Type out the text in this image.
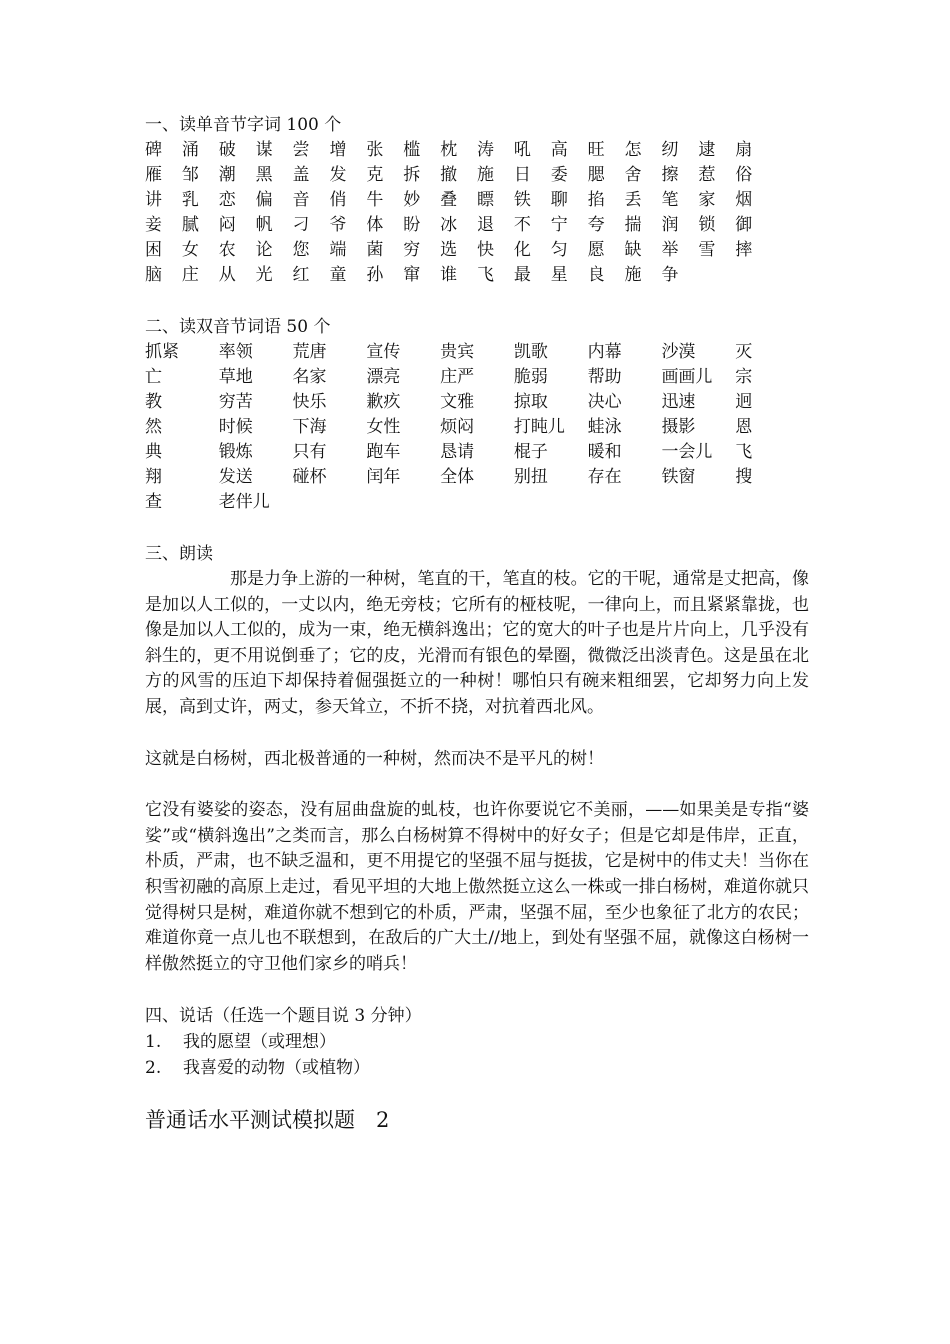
一、读单音节字词 100 个
碑	涌	破	谋	尝	增	张	槛	枕	涛	吼	高	旺	怎	纫	逮	扇
雁	邹	潮	黑	盖	发	克	拆	撤	施	日	委	腮	舍	擦	惹	俗
讲	乳	恋	偏	音	俏	牛	妙	叠	瞟	铁	聊	掐	丢	笔	家	烟
妾	腻	闷	帆	刁	爷	体	盼	冰	退	不	宁	夸	揣	润	锁	御
困	女	农	论	您	端	菌	穷	选	快	化	匀	愿	缺	举	雪	摔
脑	庄	从	光	红	童	孙	窜	谁	飞	最	星	良	施	争
二、读双音节词语 50 个
抓紧	率领	荒唐	宣传	贵宾	凯歌	内幕	沙漠	灭
亡	草地	名家	漂亮	庄严	脆弱	帮助	画画儿	宗
教	穷苦	快乐	歉疚	文雅	掠取	决心	迅速	迥
然	时候	下海	女性	烦闷	打盹儿	蛙泳	摄影	恩
典	锻炼	只有	跑车	恳请	棍子	暖和	一会儿	飞
翔	发送	碰杯	闰年	全体	别扭	存在	铁窗	搜
查	老伴儿
三、朗读

那是力争上游的一种树，笔直的干，笔直的枝。它的干呢，通常是丈把高，像是加以人工似的，一丈以内，绝无旁枝；它所有的桠枝呢，一律向上，而且紧紧靠拢，也像是加以人工似的，成为一束，绝无横斜逸出；它的宽大的叶子也是片片向上，几乎没有斜生的，更不用说倒垂了；它的皮，光滑而有银色的晕圈，微微泛出淡青色。这是虽在北方的风雪的压迫下却保持着倔强挺立的一种树！哪怕只有碗来粗细罢，它却努力向上发展，高到丈许，两丈，参天耸立，不折不挠，对抗着西北风。

这就是白杨树，西北极普通的一种树，然而决不是平凡的树！

它没有婆娑的姿态，没有屈曲盘旋的虬枝，也许你要说它不美丽，——如果美是专指“婆娑”或“横斜逸出”之类而言，那么白杨树算不得树中的好女子；但是它却是伟岸，正直，朴质，严肃，也不缺乏温和，更不用提它的坚强不屈与挺拔，它是树中的伟丈夫！当你在积雪初融的高原上走过，看见平坦的大地上傲然挺立这么一株或一排白杨树，难道你就只觉得树只是树，难道你就不想到它的朴质，严肃，坚强不屈，至少也象征了北方的农民；难道你竟一点儿也不联想到，在敌后的广大土//地上，到处有坚强不屈，就像这白杨树一样傲然挺立的守卫他们家乡的哨兵！

四、说话（任选一个题目说 3 分钟）
1. 我的愿望（或理想）
2. 我喜爱的动物（或植物）
普通话水平测试模拟题　2
